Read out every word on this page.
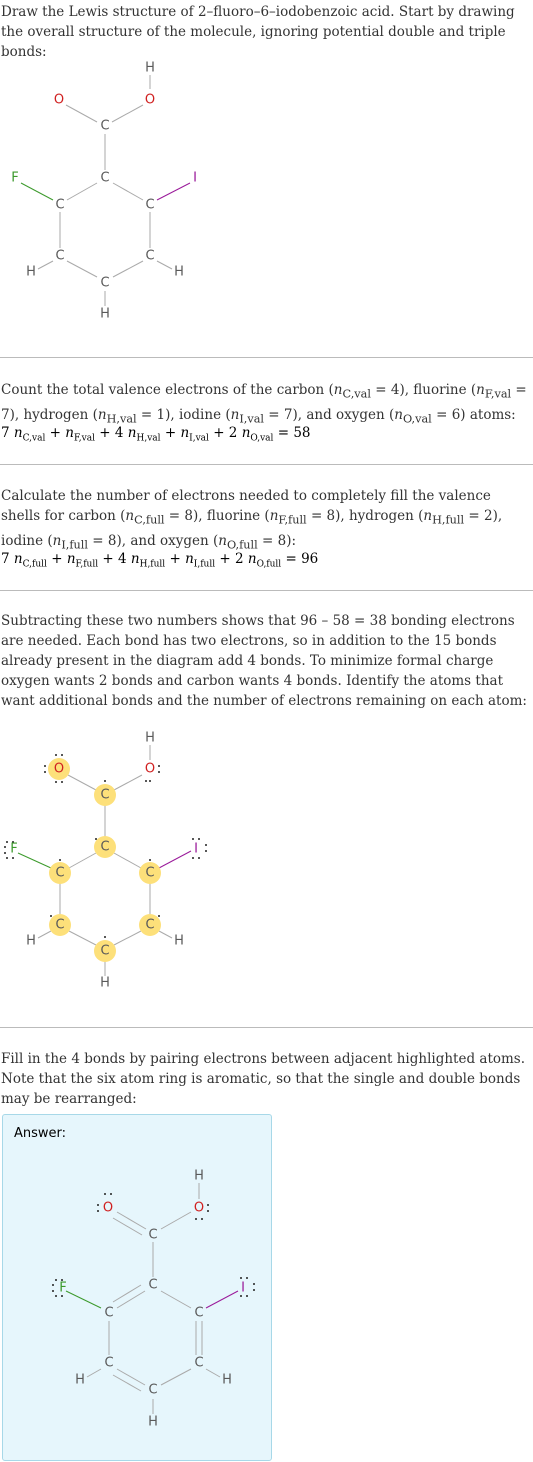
Draw the Lewis structure of 2–fluoro–6–iodobenzoic acid. Start by drawing the overall structure of the molecule, ignoring potential double and triple bonds:
H
O
O
C
C
F	I
C	C
C	C
H	H
C
H
Count the total valence electrons of the carbon $(n_{C,val} = 4)$, fluorine $(n_{F,val} = 7)$, hydrogen $(n_{H,val} = 1)$, iodine $(n_{I,val} = 7)$, and oxygen $(n_{O,val} = 6)$ atoms:
7 $n_{C,val} + n_{F,val} + 4$ $n_{H,val} + n_{I,val} + 2$ $n_{O,val} = 58$
Calculate the number of electrons needed to completely fill the valence shells for carbon $(n_{C,full} = 8)$, fluorine $(n_{F,full} = 8)$, hydrogen $(n_{H,full} = 2)$, iodine $(n_{I,full} = 8)$, and oxygen $(n_{O,full} = 8)$:
7 $n_{C,full} + n_{F,full} + 4$ $n_{H,full} + n_{I,full} + 2$ $n_{O,full} = 96$
Subtracting these two numbers shows that 96 – 58 = 38 bonding electrons are needed. Each bond has two electrons, so in addition to the 15 bonds already present in the diagram add 4 bonds. To minimize formal charge oxygen wants 2 bonds and carbon wants 4 bonds. Identify the atoms that want additional bonds and the number of electrons remaining on each atom:
H
O
O
C
C
F	I
C	C
C	C
H	H
C
H
Fill in the 4 bonds by pairing electrons between adjacent highlighted atoms. Note that the six atom ring is aromatic, so that the single and double bonds may be rearranged:
Answer:
H
O
O
C
C
F	I
C	C
C	C
H	H
C
H
